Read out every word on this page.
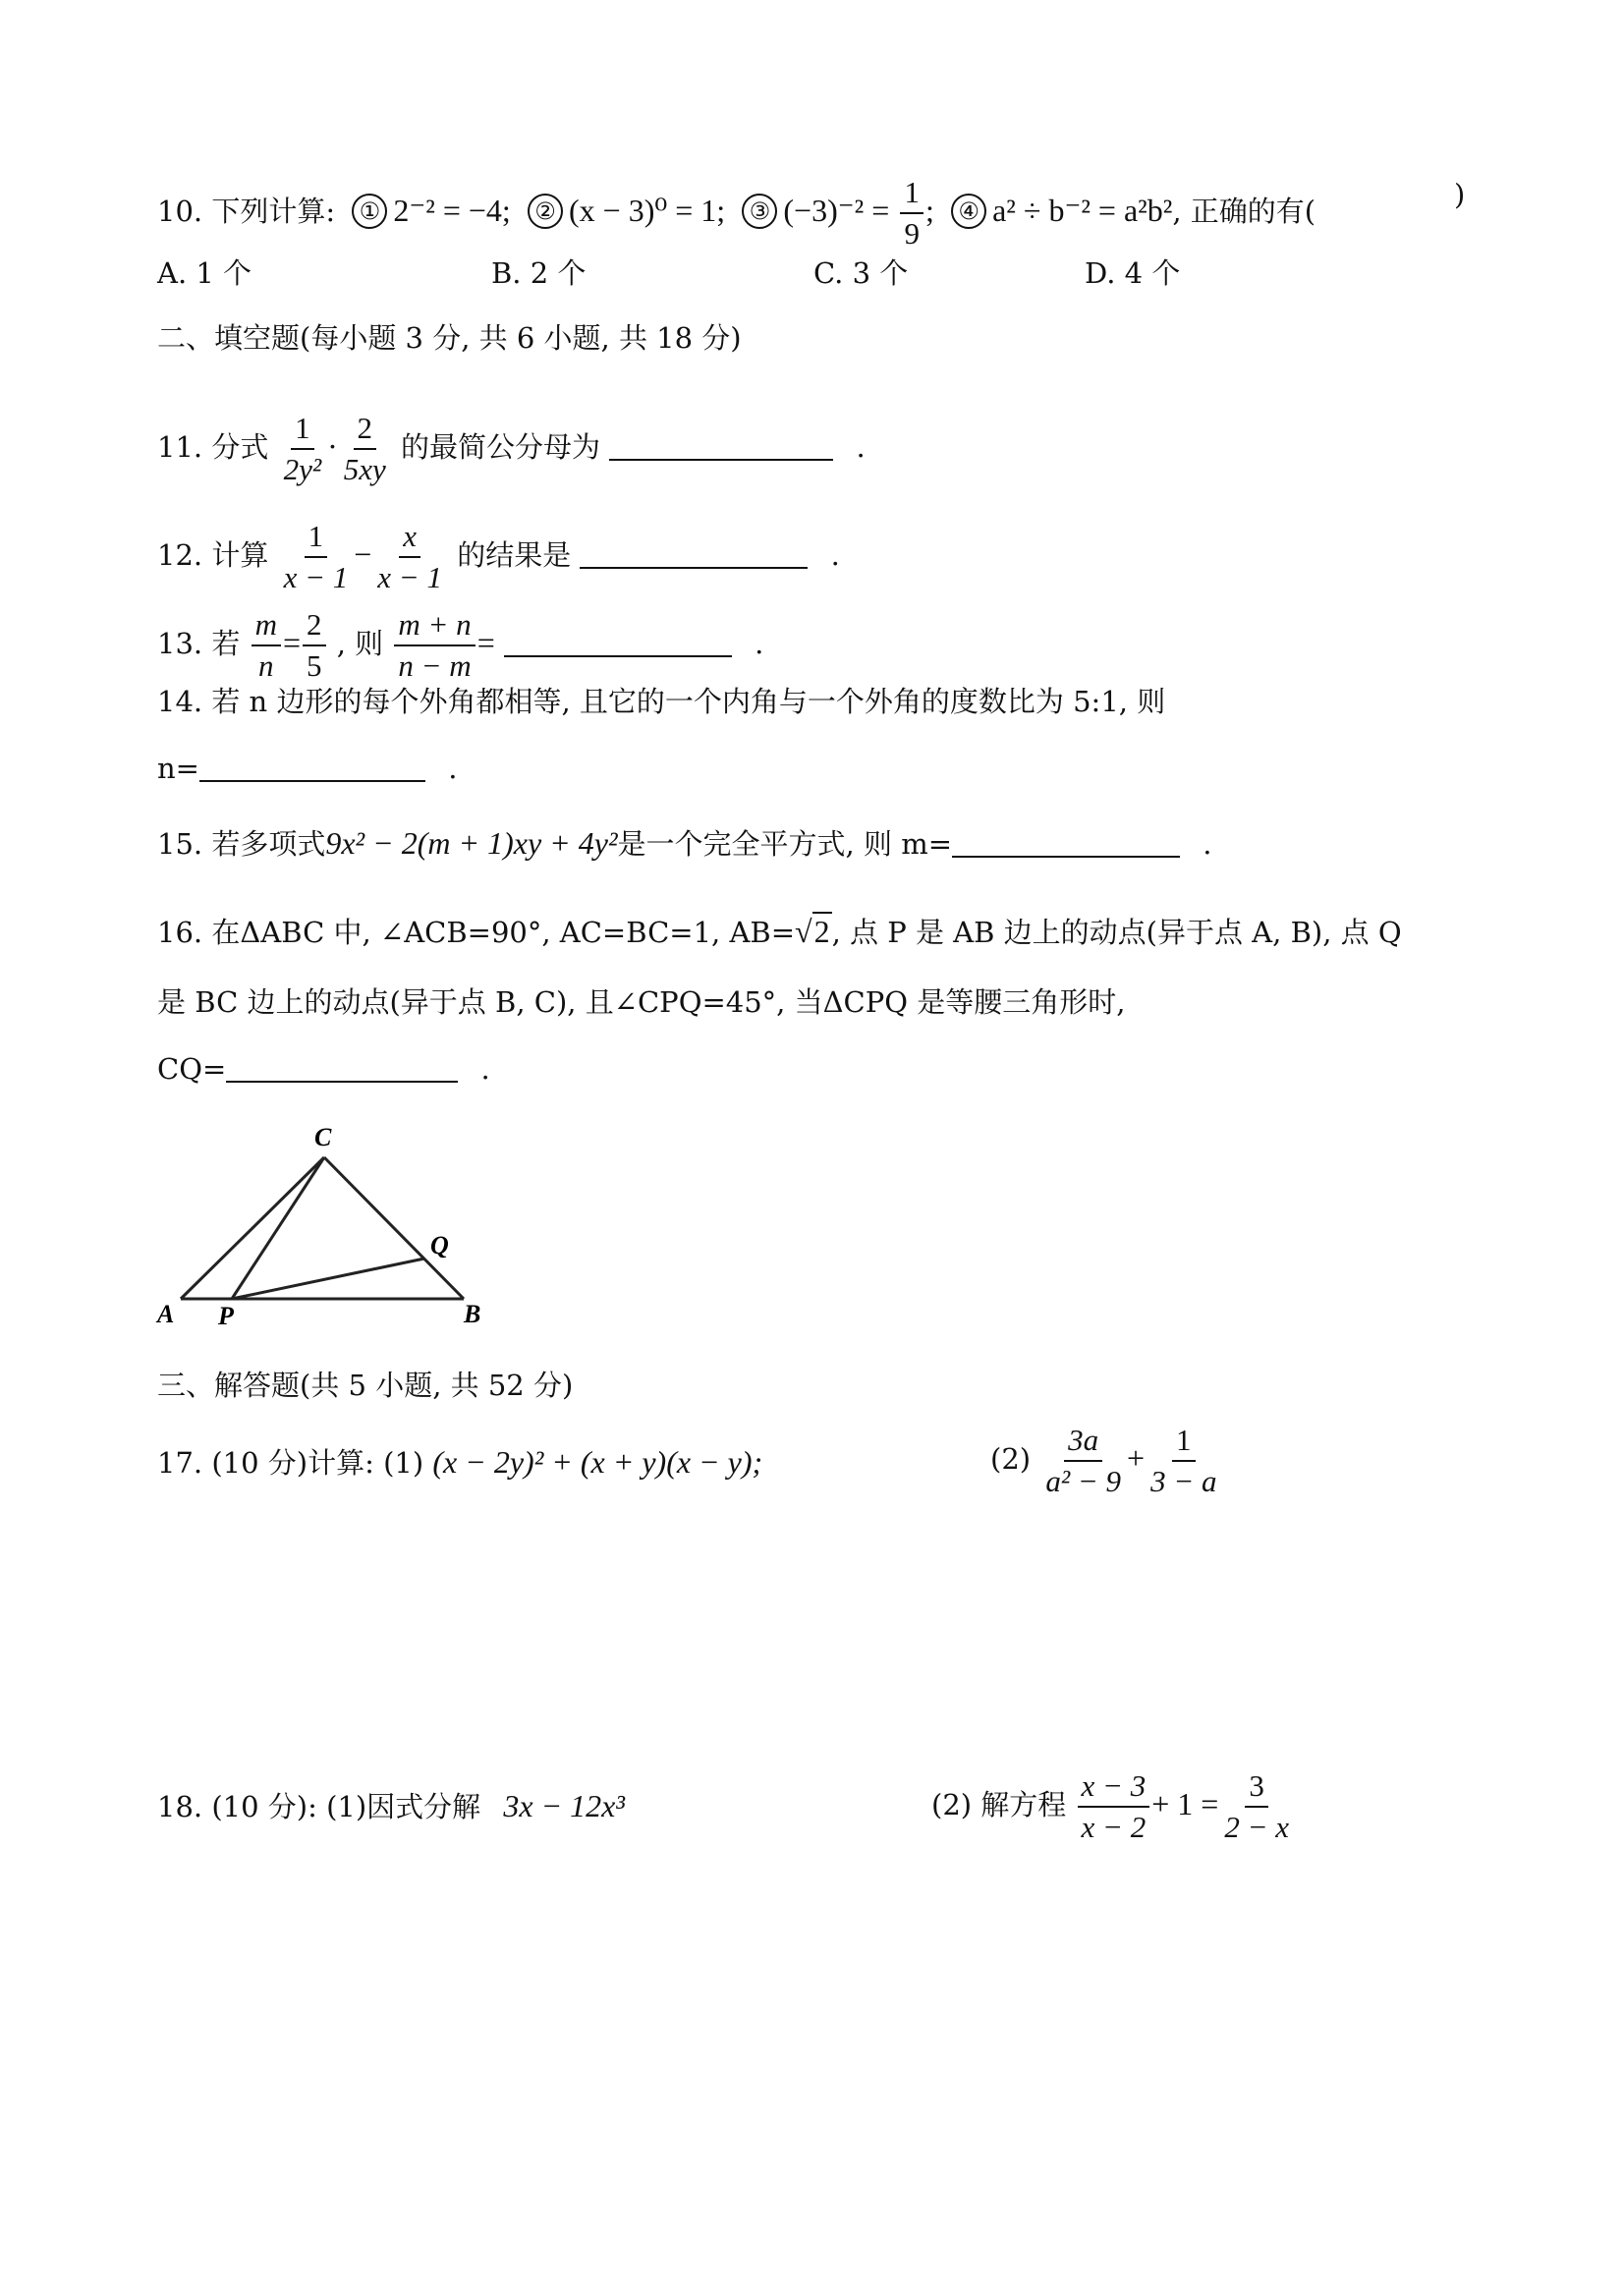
10. 下列计算: ① 2⁻² = −4; ② (x − 3)⁰ = 1; ③ $(-3)^{-2} = \frac{1}{9}$ ; ④ a² ÷ b⁻² = a²b², 正确的有(	)
A. 1 个	B. 2 个	C. 3 个	D. 4 个
二、填空题(每小题 3 分, 共 6 小题, 共 18 分)
11. 分式 $\frac{1}{\text{2y²}} \cdot \frac{2}{5xy}$ 的最简公分母为	.
12. 计算 $\frac{1}{x - 1} - \frac{x}{x - 1}$ 的结果是	.
13. 若 $\frac{m}{n} = \frac{2}{5}$ , 则 $\frac{m + n}{n - m}$ =	.
14. 若 n 边形的每个外角都相等, 且它的一个内角与一个外角的度数比为 5:1, 则
n=	.
15. 若多项式9x² − 2(m + 1)xy + 4y²是一个完全平方式, 则 m=	.
16. 在ΔABC 中, ∠ACB=90°, AC=BC=1, AB=√2, 点 P 是 AB 边上的动点(异于点 A, B), 点 Q
是 BC 边上的动点(异于点 B, C), 且∠CPQ=45°, 当ΔCPQ 是等腰三角形时,
CQ=	.
C
Q
A P	B
三、解答题(共 5 小题, 共 52 分)
17. (10 分)计算: (1) (x − 2y)² + (x + y)(x − y);	$(2) \frac{3a}{\text{a² − 9}} + \frac{1}{3 - a}$
18. (10 分): (1)因式分解 3x − 12x³	(2) 解方程 $\frac{x - 3}{x - 2} + 1 = \frac{3}{2 - x}$
